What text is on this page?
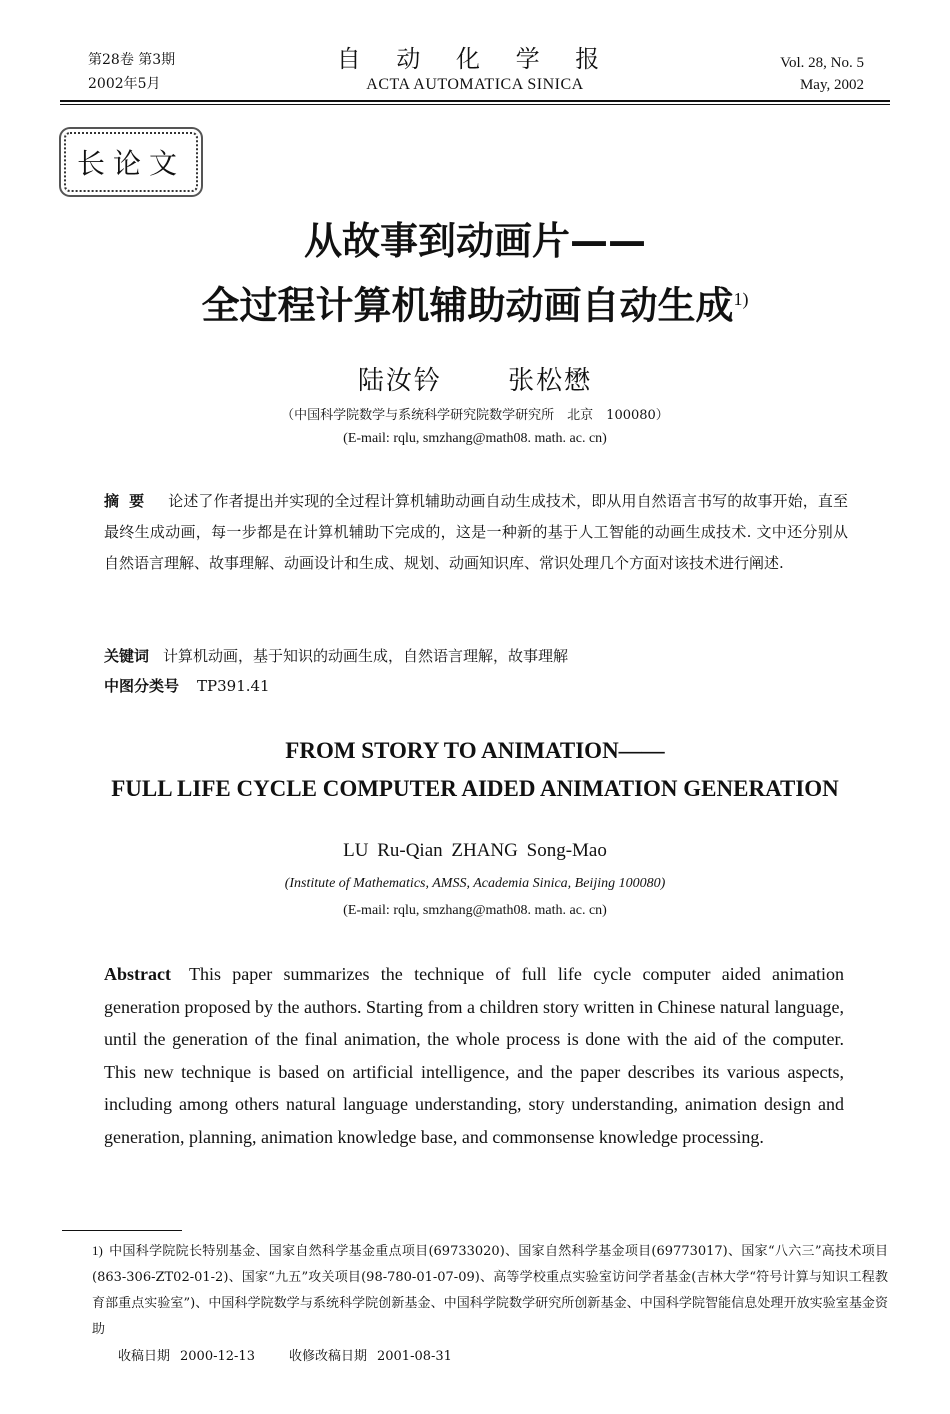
第28卷 第3期
2002年5月
自 动 化 学 报
ACTA AUTOMATICA SINICA
Vol. 28, No. 5
May, 2002
长论文
从故事到动画片——
全过程计算机辅助动画自动生成$^{1)}$
陆汝钤 张松懋
（中国科学院数学与系统科学研究院数学研究所　北京　100080）
(E-mail: rqlu, smzhang@math08. math. ac. cn)
摘要 论述了作者提出并实现的全过程计算机辅助动画自动生成技术，即从用自然语言书写的故事开始，直至最终生成动画，每一步都是在计算机辅助下完成的，这是一种新的基于人工智能的动画生成技术. 文中还分别从自然语言理解、故事理解、动画设计和生成、规划、动画知识库、常识处理几个方面对该技术进行阐述.
关键词 计算机动画，基于知识的动画生成，自然语言理解，故事理解
中图分类号 TP391.41
FROM STORY TO ANIMATION——
FULL LIFE CYCLE COMPUTER AIDED ANIMATION GENERATION
LU Ru-Qian ZHANG Song-Mao
(Institute of Mathematics, AMSS, Academia Sinica, Beijing 100080)
(E-mail: rqlu, smzhang@math08. math. ac. cn)
Abstract This paper summarizes the technique of full life cycle computer aided animation generation proposed by the authors. Starting from a children story written in Chinese natural language, until the generation of the final animation, the whole process is done with the aid of the computer. This new technique is based on artificial intelligence, and the paper describes its various aspects, including among others natural language understanding, story understanding, animation design and generation, planning, animation knowledge base, and commonsense knowledge processing.
1) 中国科学院院长特别基金、国家自然科学基金重点项目(69733020)、国家自然科学基金项目(69773017)、国家“八六三”高技术项目(863-306-ZT02-01-2)、国家“九五”攻关项目(98-780-01-07-09)、高等学校重点实验室访问学者基金(吉林大学“符号计算与知识工程教育部重点实验室”)、中国科学院数学与系统科学院创新基金、中国科学院数学研究所创新基金、中国科学院智能信息处理开放实验室基金资助
收稿日期 2000-12-13	收修改稿日期 2001-08-31
